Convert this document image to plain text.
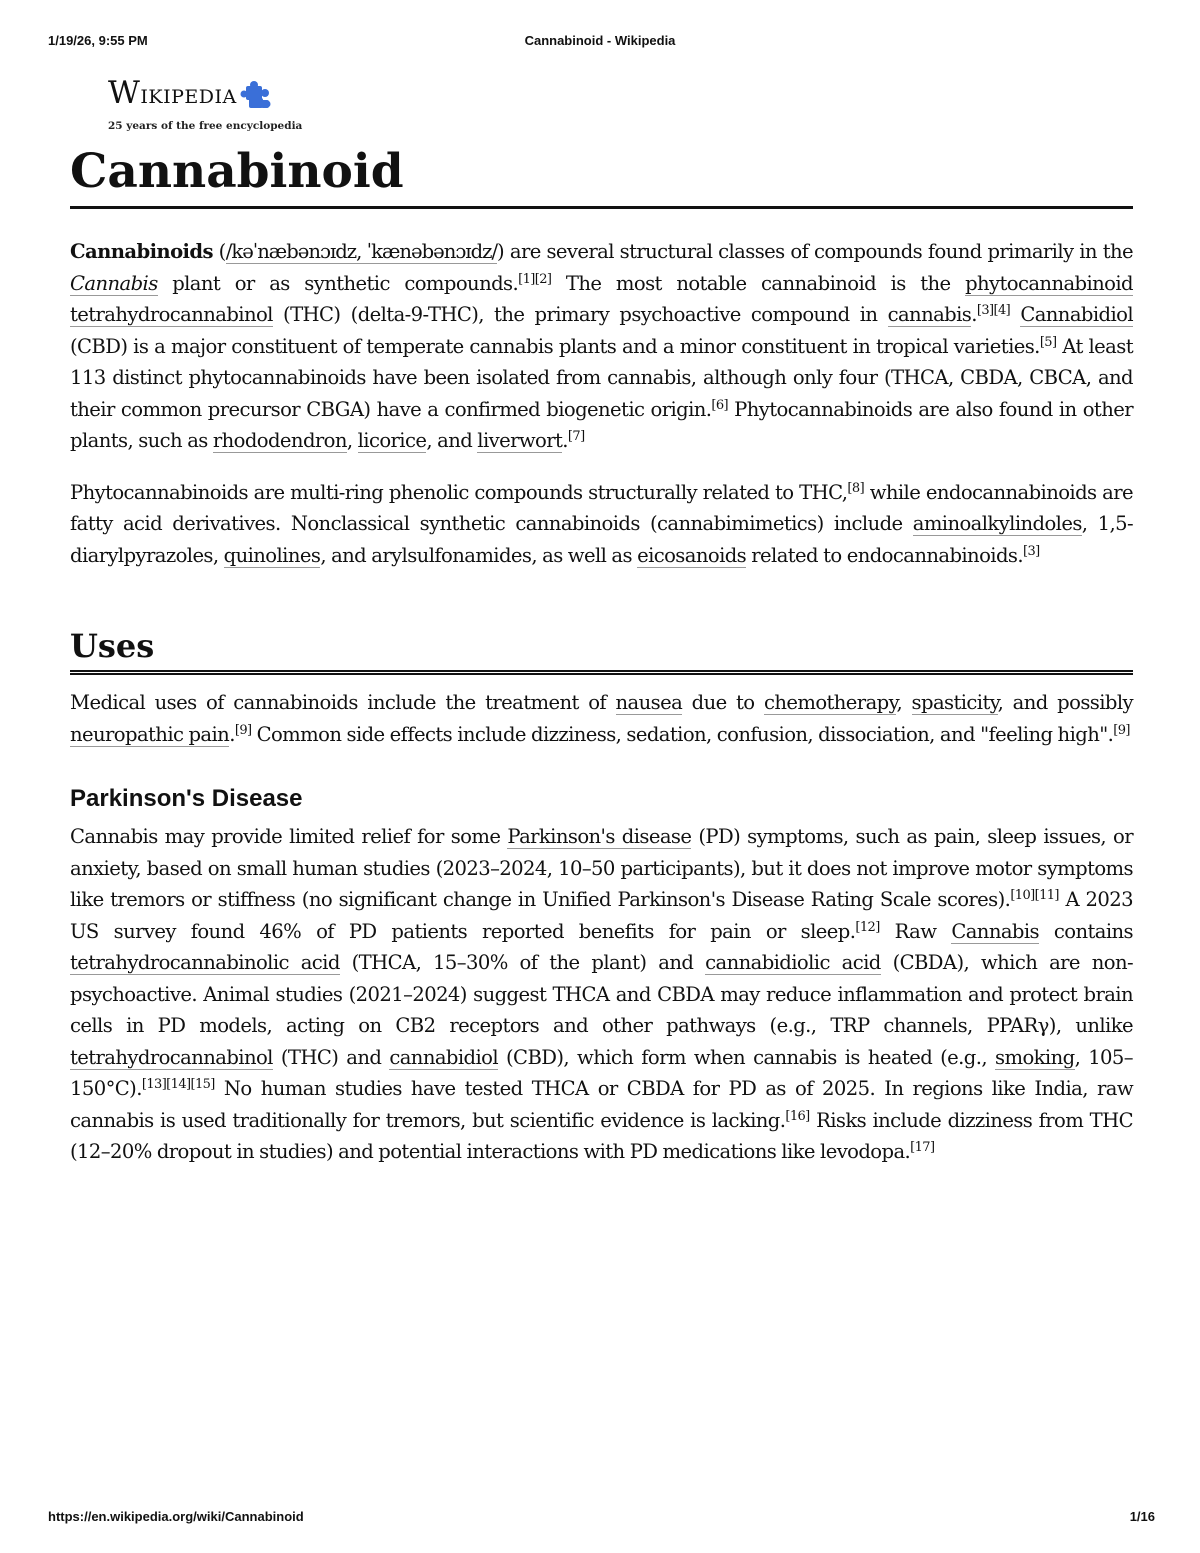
1/19/26, 9:55 PM	Cannabinoid - Wikipedia
Wikipedia
25 years of the free encyclopedia
Cannabinoid

Cannabinoids (/kəˈnæbənɔɪdz, ˈkænəbənɔɪdz/) are several structural classes of compounds found primarily in the Cannabis plant or as synthetic compounds.[1][2] The most notable cannabinoid is the phytocannabinoid tetrahydrocannabinol (THC) (delta-9-THC), the primary psychoactive compound in cannabis.[3][4] Cannabidiol (CBD) is a major constituent of temperate cannabis plants and a minor constituent in tropical varieties.[5] At least 113 distinct phytocannabinoids have been isolated from cannabis, although only four (THCA, CBDA, CBCA, and their common precursor CBGA) have a confirmed biogenetic origin.[6] Phytocannabinoids are also found in other plants, such as rhododendron, licorice, and liverwort.[7]

Phytocannabinoids are multi-ring phenolic compounds structurally related to THC,[8] while endocannabinoids are fatty acid derivatives. Nonclassical synthetic cannabinoids (cannabimimetics) include aminoalkylindoles, 1,5-diarylpyrazoles, quinolines, and arylsulfonamides, as well as eicosanoids related to endocannabinoids.[3]

Uses

Medical uses of cannabinoids include the treatment of nausea due to chemotherapy, spasticity, and possibly neuropathic pain.[9] Common side effects include dizziness, sedation, confusion, dissociation, and "feeling high".[9]

Parkinson's Disease

Cannabis may provide limited relief for some Parkinson's disease (PD) symptoms, such as pain, sleep issues, or anxiety, based on small human studies (2023–2024, 10–50 participants), but it does not improve motor symptoms like tremors or stiffness (no significant change in Unified Parkinson's Disease Rating Scale scores).[10][11] A 2023 US survey found 46% of PD patients reported benefits for pain or sleep.[12] Raw Cannabis contains tetrahydrocannabinolic acid (THCA, 15–30% of the plant) and cannabidiolic acid (CBDA), which are non-psychoactive. Animal studies (2021–2024) suggest THCA and CBDA may reduce inflammation and protect brain cells in PD models, acting on CB2 receptors and other pathways (e.g., TRP channels, PPARγ), unlike tetrahydrocannabinol (THC) and cannabidiol (CBD), which form when cannabis is heated (e.g., smoking, 105–150°C).[13][14][15] No human studies have tested THCA or CBDA for PD as of 2025. In regions like India, raw cannabis is used traditionally for tremors, but scientific evidence is lacking.[16] Risks include dizziness from THC (12–20% dropout in studies) and potential interactions with PD medications like levodopa.[17]

https://en.wikipedia.org/wiki/Cannabinoid	1/16
